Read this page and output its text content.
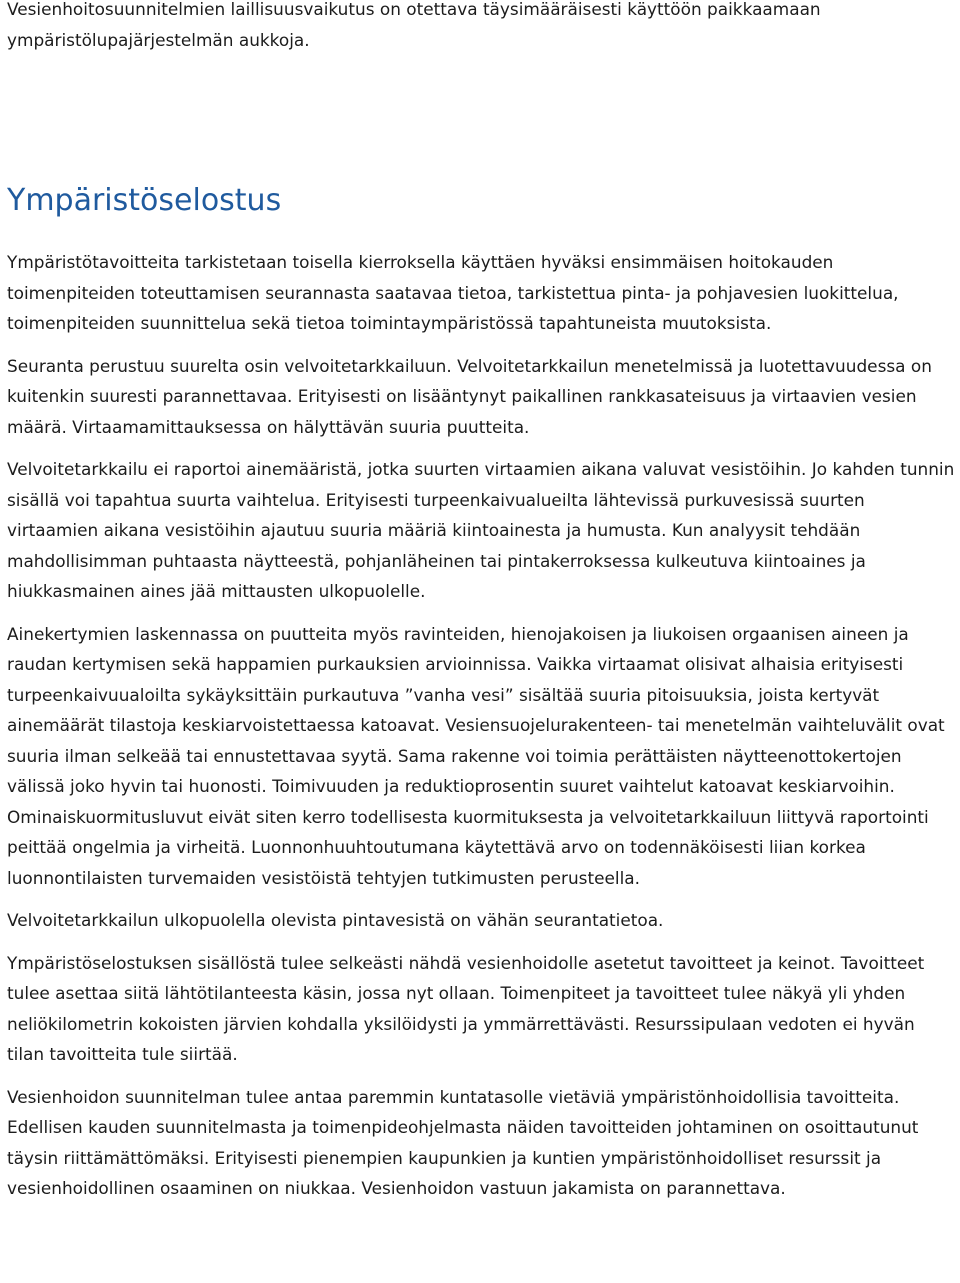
Vesienhoitosuunnitelmien laillisuusvaikutus on otettava täysimääräisesti käyttöön paikkaamaan ympäristölupajärjestelmän aukkoja.

Ympäristöselostus

Ympäristötavoitteita tarkistetaan toisella kierroksella käyttäen hyväksi ensimmäisen hoitokauden toimenpiteiden toteuttamisen seurannasta saatavaa tietoa, tarkistettua pinta- ja pohjavesien luokittelua, toimenpiteiden suunnittelua sekä tietoa toimintaympäristössä tapahtuneista muutoksista.

Seuranta perustuu suurelta osin velvoitetarkkailuun. Velvoitetarkkailun menetelmissä ja luotettavuudessa on kuitenkin suuresti parannettavaa. Erityisesti on lisääntynyt paikallinen rankkasateisuus ja virtaavien vesien määrä. Virtaamamittauksessa on hälyttävän suuria puutteita.

Velvoitetarkkailu ei raportoi ainemääristä, jotka suurten virtaamien aikana valuvat vesistöihin. Jo kahden tunnin sisällä voi tapahtua suurta vaihtelua. Erityisesti turpeenkaivualueilta lähtevissä purkuvesissä suurten virtaamien aikana vesistöihin ajautuu suuria määriä kiintoainesta ja humusta. Kun analyysit tehdään mahdollisimman puhtaasta näytteestä, pohjanläheinen tai pintakerroksessa kulkeutuva kiintoaines ja hiukkasmainen aines jää mittausten ulkopuolelle.

Ainekertymien laskennassa on puutteita myös ravinteiden, hienojakoisen ja liukoisen orgaanisen aineen ja raudan kertymisen sekä happamien purkauksien arvioinnissa. Vaikka virtaamat olisivat alhaisia erityisesti turpeenkaivuualoilta sykäyksittäin purkautuva ”vanha vesi” sisältää suuria pitoisuuksia, joista kertyvät ainemäärät tilastoja keskiarvoistettaessa katoavat. Vesiensuojelurakenteen- tai menetelmän vaihteluvälit ovat suuria ilman selkeää tai ennustettavaa syytä. Sama rakenne voi toimia perättäisten näytteenottokertojen välissä joko hyvin tai huonosti. Toimivuuden ja reduktioprosentin suuret vaihtelut katoavat keskiarvoihin. Ominaiskuormitusluvut eivät siten kerro todellisesta kuormituksesta ja velvoitetarkkailuun liittyvä raportointi peittää ongelmia ja virheitä. Luonnonhuuhtoutumana käytettävä arvo on todennäköisesti liian korkea luonnontilaisten turvemaiden vesistöistä tehtyjen tutkimusten perusteella.

Velvoitetarkkailun ulkopuolella olevista pintavesistä on vähän seurantatietoa.

Ympäristöselostuksen sisällöstä tulee selkeästi nähdä vesienhoidolle asetetut tavoitteet ja keinot. Tavoitteet tulee asettaa siitä lähtötilanteesta käsin, jossa nyt ollaan. Toimenpiteet ja tavoitteet tulee näkyä yli yhden neliökilometrin kokoisten järvien kohdalla yksilöidysti ja ymmärrettävästi. Resurssipulaan vedoten ei hyvän tilan tavoitteita tule siirtää.

Vesienhoidon suunnitelman tulee antaa paremmin kuntatasolle vietäviä ympäristönhoidollisia tavoitteita. Edellisen kauden suunnitelmasta ja toimenpideohjelmasta näiden tavoitteiden johtaminen on osoittautunut täysin riittämättömäksi. Erityisesti pienempien kaupunkien ja kuntien ympäristönhoidolliset resurssit ja vesienhoidollinen osaaminen on niukkaa. Vesienhoidon vastuun jakamista on parannettava.
